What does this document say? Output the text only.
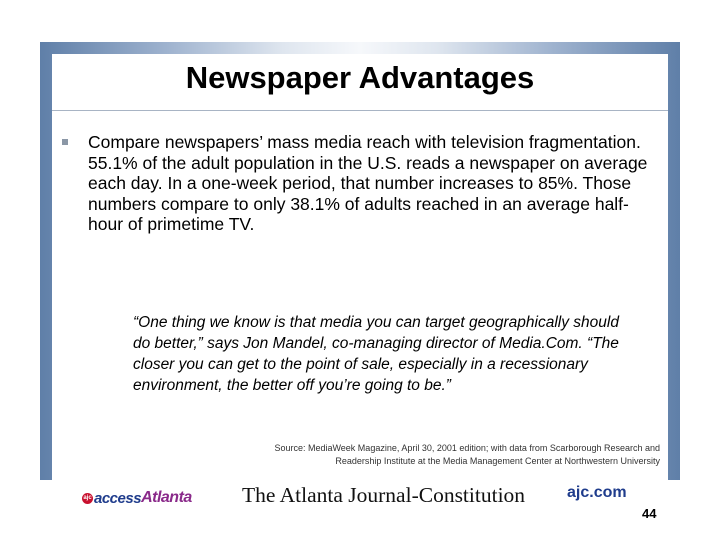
Newspaper Advantages

Compare newspapers’ mass media reach with television fragmentation. 55.1% of the adult population in the U.S. reads a newspaper on average each day. In a one-week period, that number increases to 85%. Those numbers compare to only 38.1% of adults reached in an average half-hour of primetime TV.

“One thing we know is that media you can target geographically should do better,” says Jon Mandel, co-managing director of Media.Com. “The closer you can get to the point of sale, especially in a recessionary environment, the better off you’re going to be.”

Source: MediaWeek Magazine, April 30, 2001 edition; with data from Scarborough Research and
Readership Institute at the Media Management Center at Northwestern University
ajc access Atlanta The Atlanta Journal-Constitution	ajc.com
44
